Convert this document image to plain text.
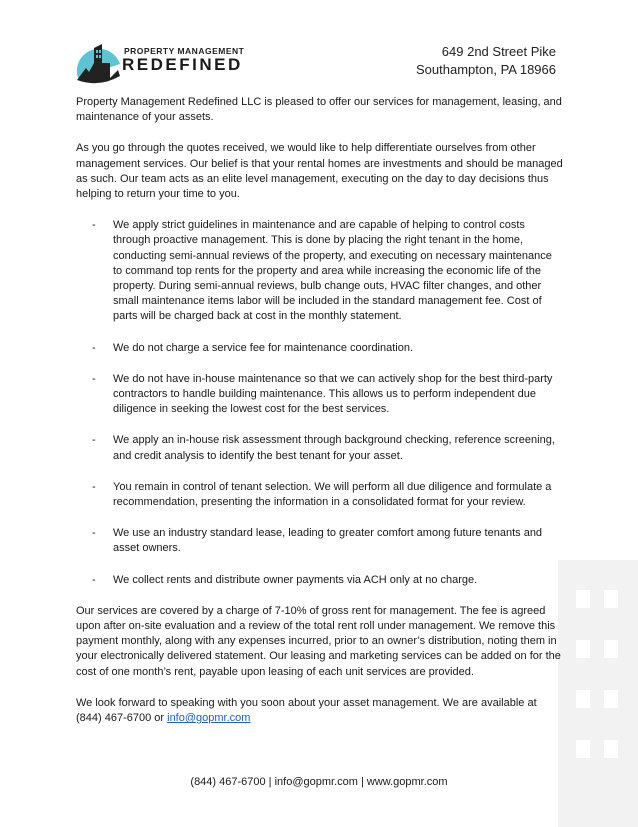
PROPERTY MANAGEMENT
REDEFINED
649 2nd Street Pike
Southampton, PA 18966

Property Management Redefined LLC is pleased to offer our services for management, leasing, and maintenance of your assets.

As you go through the quotes received, we would like to help differentiate ourselves from other management services. Our belief is that your rental homes are investments and should be managed as such. Our team acts as an elite level management, executing on the day to day decisions thus helping to return your time to you.

- We apply strict guidelines in maintenance and are capable of helping to control costs through proactive management. This is done by placing the right tenant in the home, conducting semi-annual reviews of the property, and executing on necessary maintenance to command top rents for the property and area while increasing the economic life of the property. During semi-annual reviews, bulb change outs, HVAC filter changes, and other small maintenance items labor will be included in the standard management fee. Cost of parts will be charged back at cost in the monthly statement.
- We do not charge a service fee for maintenance coordination.
- We do not have in-house maintenance so that we can actively shop for the best third-party contractors to handle building maintenance. This allows us to perform independent due diligence in seeking the lowest cost for the best services.
- We apply an in-house risk assessment through background checking, reference screening, and credit analysis to identify the best tenant for your asset.
- You remain in control of tenant selection. We will perform all due diligence and formulate a recommendation, presenting the information in a consolidated format for your review.
- We use an industry standard lease, leading to greater comfort among future tenants and asset owners.
- We collect rents and distribute owner payments via ACH only at no charge.

Our services are covered by a charge of 7-10% of gross rent for management. The fee is agreed upon after on-site evaluation and a review of the total rent roll under management. We remove this payment monthly, along with any expenses incurred, prior to an owner’s distribution, noting them in your electronically delivered statement. Our leasing and marketing services can be added on for the cost of one month’s rent, payable upon leasing of each unit services are provided.

We look forward to speaking with you soon about your asset management. We are available at (844) 467-6700 or info@gopmr.com

(844) 467-6700 | info@gopmr.com | www.gopmr.com
